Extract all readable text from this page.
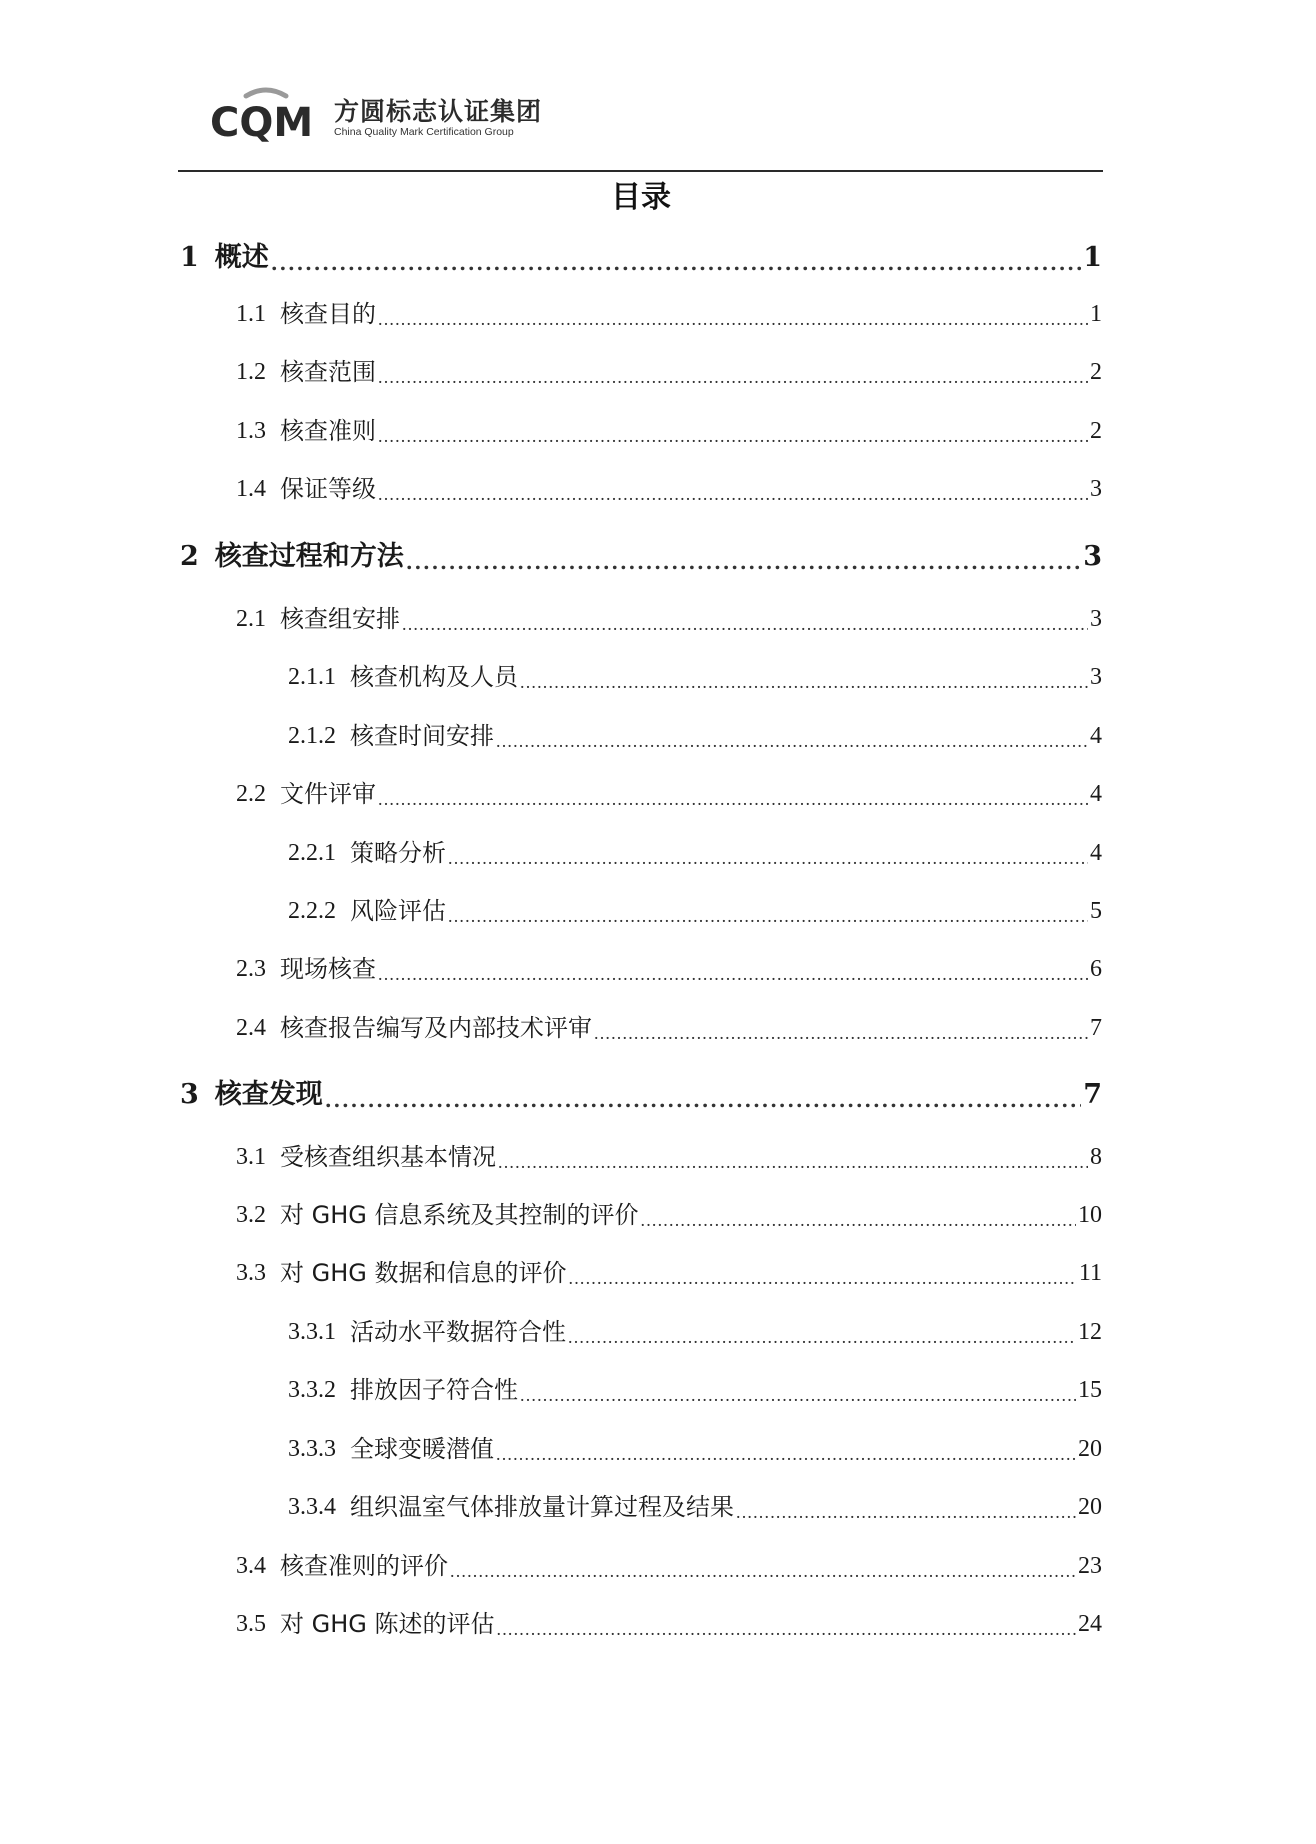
CQM 方圆标志认证集团
China Quality Mark Certification Group
目录
1 概述 .....	1
1.1 核查目的 .....	1
1.2 核查范围 .....	2
1.3 核查准则 .....	2
1.4 保证等级 .....	3
2 核查过程和方法 .....	3
2.1 核查组安排 .....	3
2.1.1 核查机构及人员 .....	3
2.1.2 核查时间安排 .....	4
2.2 文件评审 .....	4
2.2.1 策略分析 .....	4
2.2.2 风险评估 .....	5
2.3 现场核查 .....	6
2.4 核查报告编写及内部技术评审 .....	7
3 核查发现 .....	7
3.1 受核查组织基本情况 .....	8
3.2 对 GHG 信息系统及其控制的评价 .....	10
3.3 对 GHG 数据和信息的评价 .....	11
3.3.1 活动水平数据符合性 .....	12
3.3.2 排放因子符合性 .....	15
3.3.3 全球变暖潜值 .....	20
3.3.4 组织温室气体排放量计算过程及结果 .....	20
3.4 核查准则的评价 .....	23
3.5 对 GHG 陈述的评估 .....	24
